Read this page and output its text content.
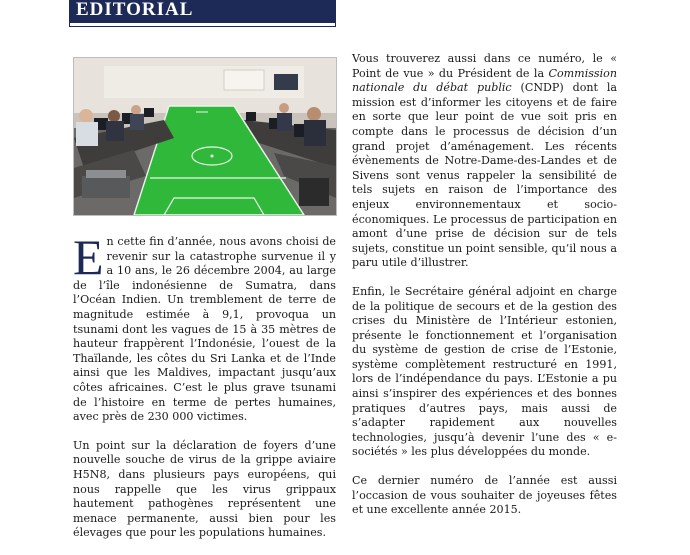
EDITORIAL

En cette fin d’année, nous avons choisi de revenir sur la catastrophe survenue il y a 10 ans, le 26 décembre 2004, au large de l’île indonésienne de Sumatra, dans l’Océan Indien. Un tremblement de terre de magnitude estimée à 9,1, provoqua un tsunami dont les vagues de 15 à 35 mètres de hauteur frappèrent l’Indonésie, l’ouest de la Thaïlande, les côtes du Sri Lanka et de l’Inde ainsi que les Maldives, impactant jusqu’aux côtes africaines. C’est le plus grave tsunami de l’histoire en terme de pertes humaines, avec près de 230 000 victimes.

Un point sur la déclaration de foyers d’une nouvelle souche de virus de la grippe aviaire H5N8, dans plusieurs pays européens, qui nous rappelle que les virus grippaux hautement pathogènes représentent une menace permanente, aussi bien pour les élevages que pour les populations humaines.

Vous trouverez aussi dans ce numéro, le « Point de vue » du Président de la Commission nationale du débat public (CNDP) dont la mission est d’informer les citoyens et de faire en sorte que leur point de vue soit pris en compte dans le processus de décision d’un grand projet d’aménagement. Les récents évènements de Notre-Dame-des-Landes et de Sivens sont venus rappeler la sensibilité de tels sujets en raison de l’importance des enjeux environnementaux et socio-économiques. Le processus de participation en amont d’une prise de décision sur de tels sujets, constitue un point sensible, qu’il nous a paru utile d’illustrer.

Enfin, le Secrétaire général adjoint en charge de la politique de secours et de la gestion des crises du Ministère de l’Intérieur estonien, présente le fonctionnement et l’organisation du système de gestion de crise de l’Estonie, système complètement restructuré en 1991, lors de l’indépendance du pays. L’Estonie a pu ainsi s’inspirer des expériences et des bonnes pratiques d’autres pays, mais aussi de s’adapter rapidement aux nouvelles technologies, jusqu’à devenir l’une des « e-sociétés » les plus développées du monde.

Ce dernier numéro de l’année est aussi l’occasion de vous souhaiter de joyeuses fêtes et une excellente année 2015.
